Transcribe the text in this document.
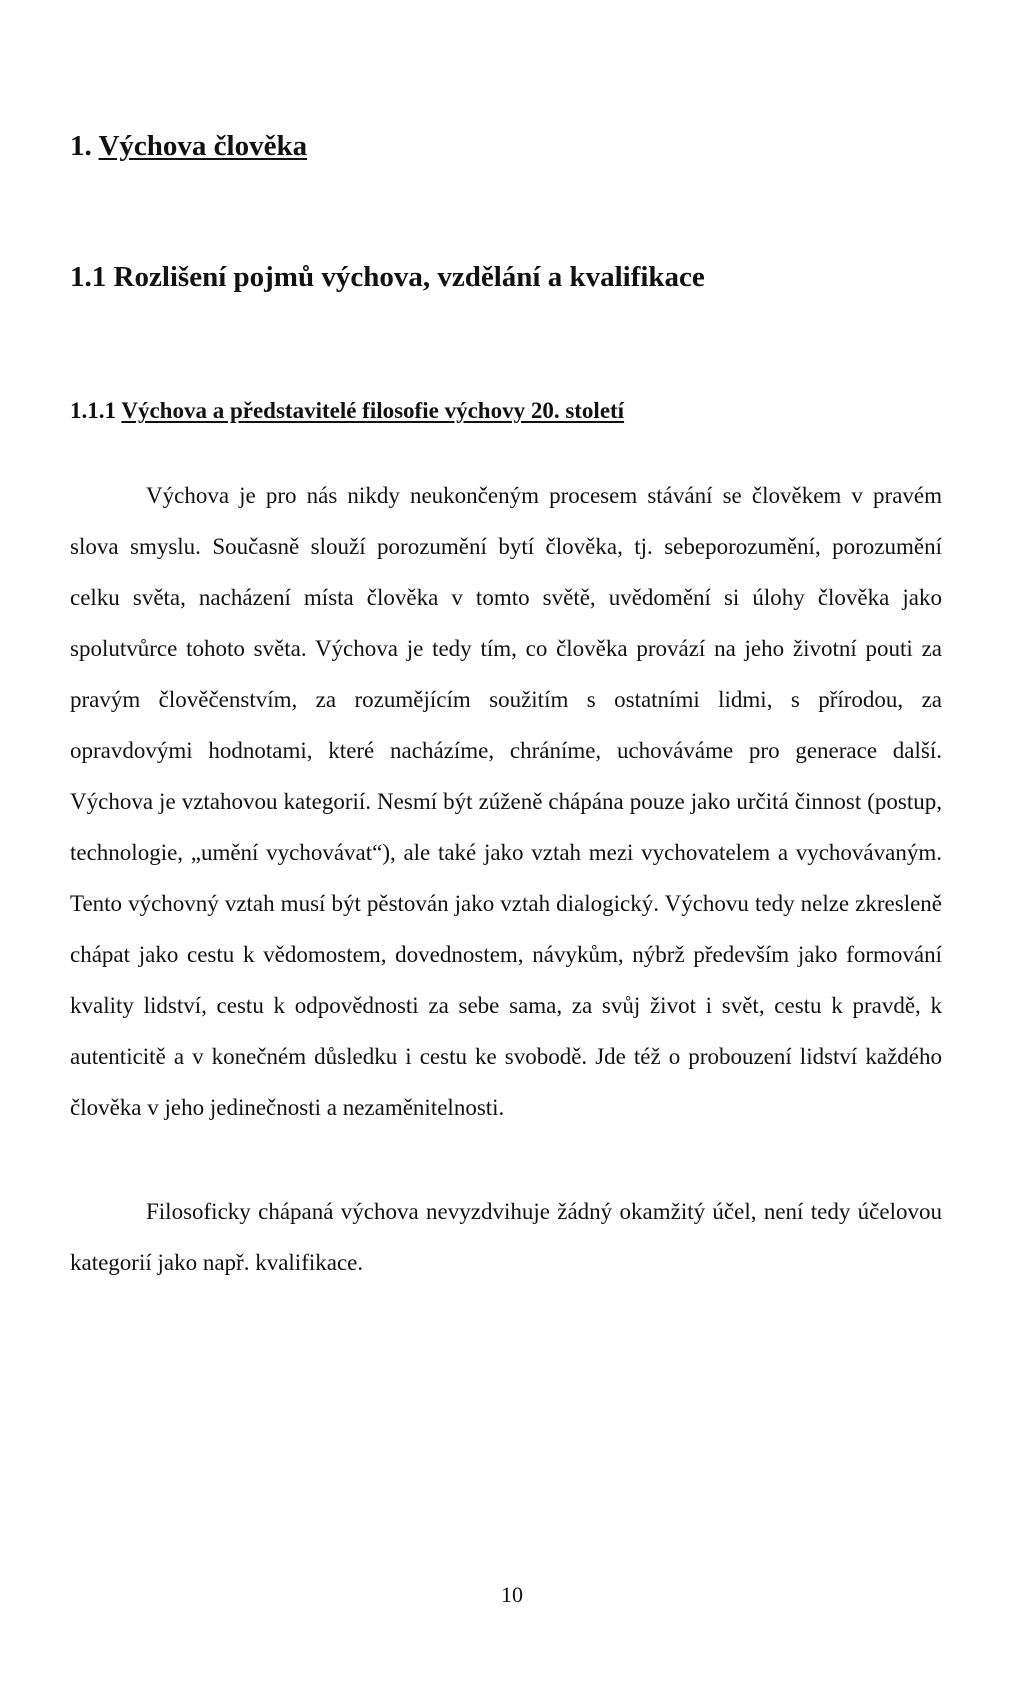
1. Výchova člověka
1.1 Rozlišení pojmů výchova, vzdělání a kvalifikace
1.1.1 Výchova a představitelé filosofie výchovy 20. století

Výchova je pro nás nikdy neukončeným procesem stávání se člověkem v pravém slova smyslu. Současně slouží porozumění bytí člověka, tj. sebeporozumění, porozumění celku světa, nacházení místa člověka v tomto světě, uvědomění si úlohy člověka jako spolutvůrce tohoto světa. Výchova je tedy tím, co člověka provází na jeho životní pouti za pravým člověčenstvím, za rozumějícím soužitím s ostatními lidmi, s přírodou, za opravdovými hodnotami, které nacházíme, chráníme, uchováváme pro generace další. Výchova je vztahovou kategorií. Nesmí být zúženě chápána pouze jako určitá činnost (postup, technologie, „umění vychovávat“), ale také jako vztah mezi vychovatelem a vychovávaným. Tento výchovný vztah musí být pěstován jako vztah dialogický. Výchovu tedy nelze zkresleně chápat jako cestu k vědomostem, dovednostem, návykům, nýbrž především jako formování kvality lidství, cestu k odpovědnosti za sebe sama, za svůj život i svět, cestu k pravdě, k autenticitě a v konečném důsledku i cestu ke svobodě. Jde též o probouzení lidství každého člověka v jeho jedinečnosti a nezaměnitelnosti.

Filosoficky chápaná výchova nevyzdvihuje žádný okamžitý účel, není tedy účelovou kategorií jako např. kvalifikace.

10
